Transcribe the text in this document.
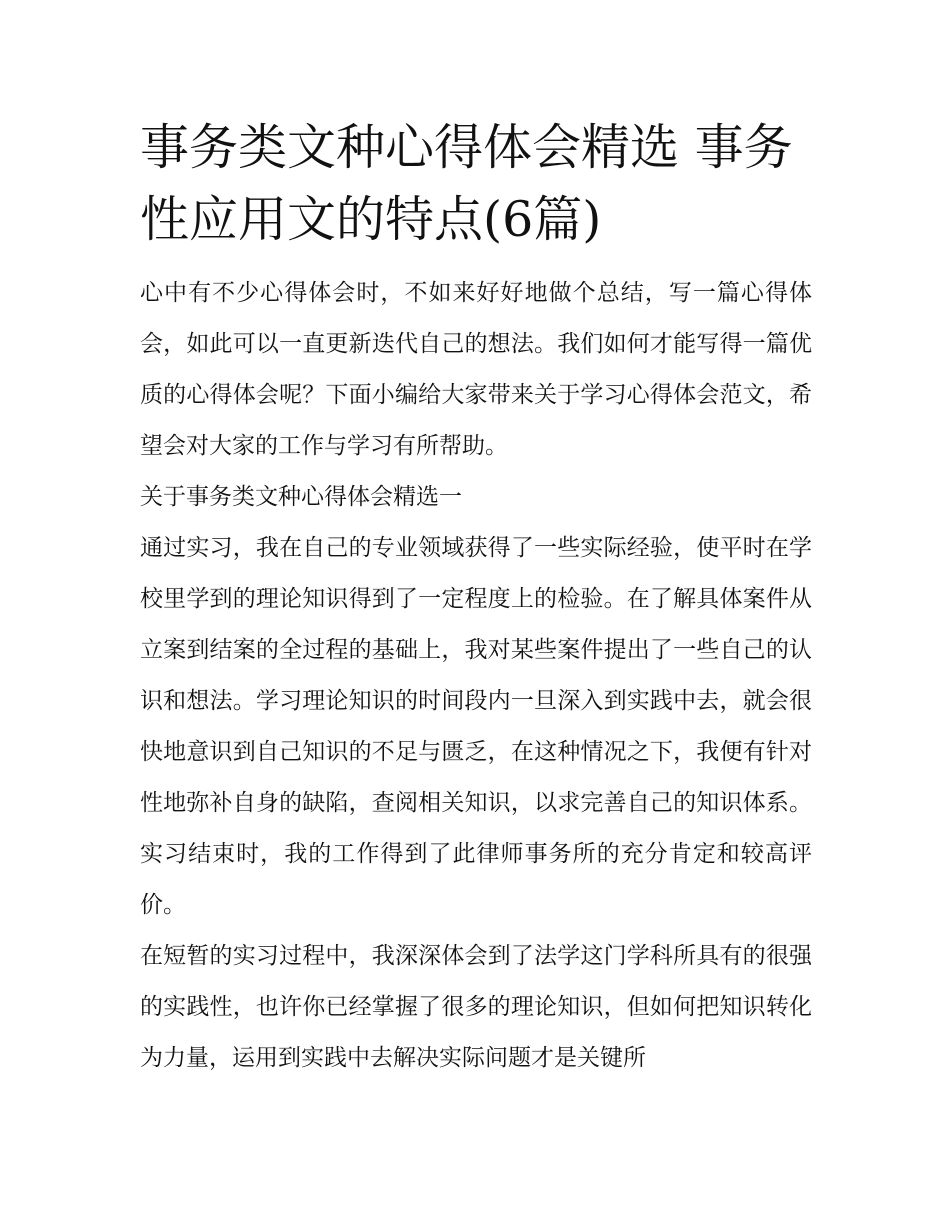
事务类文种心得体会精选 事务性应用文的特点(6篇)

心中有不少心得体会时，不如来好好地做个总结，写一篇心得体会，如此可以一直更新迭代自己的想法。我们如何才能写得一篇优质的心得体会呢？下面小编给大家带来关于学习心得体会范文，希望会对大家的工作与学习有所帮助。

关于事务类文种心得体会精选一

通过实习，我在自己的专业领域获得了一些实际经验，使平时在学校里学到的理论知识得到了一定程度上的检验。在了解具体案件从立案到结案的全过程的基础上，我对某些案件提出了一些自己的认识和想法。学习理论知识的时间段内一旦深入到实践中去，就会很快地意识到自己知识的不足与匮乏，在这种情况之下，我便有针对性地弥补自身的缺陷，查阅相关知识，以求完善自己的知识体系。实习结束时，我的工作得到了此律师事务所的充分肯定和较高评价。

在短暂的实习过程中，我深深体会到了法学这门学科所具有的很强的实践性，也许你已经掌握了很多的理论知识，但如何把知识转化为力量，运用到实践中去解决实际问题才是关键所
